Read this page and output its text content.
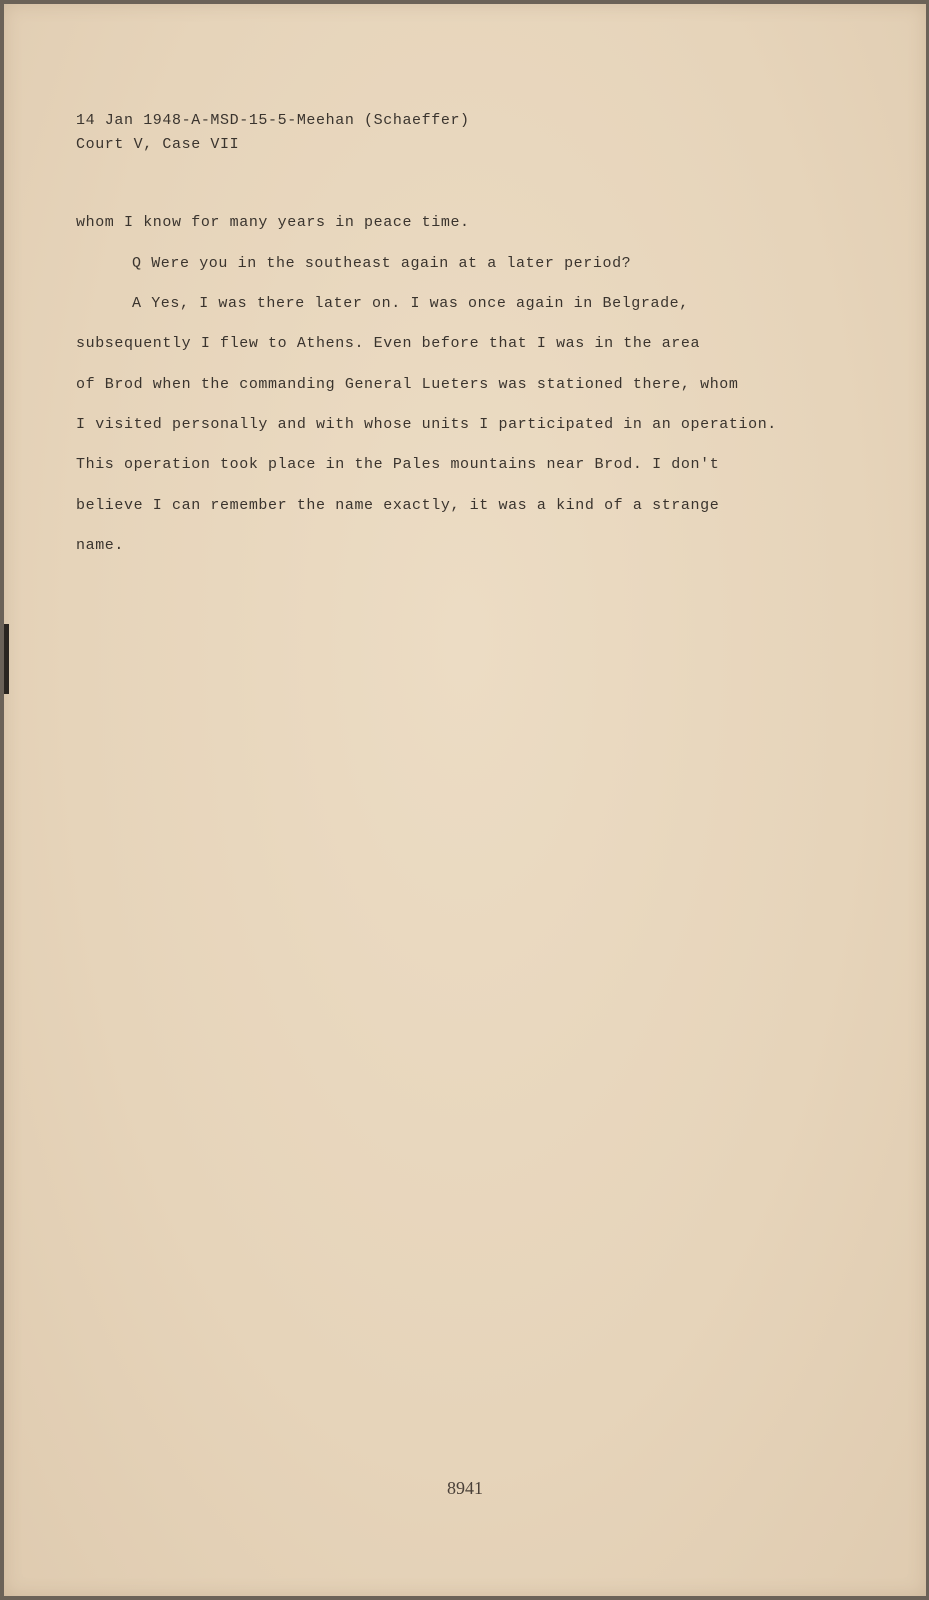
14 Jan 1948-A-MSD-15-5-Meehan (Schaeffer)

Court V, Case VII

whom I know for many years in peace time.

Q Were you in the southeast again at a later period?

A Yes, I was there later on. I was once again in Belgrade,

subsequently I flew to Athens. Even before that I was in the area

of Brod when the commanding General Lueters was stationed there, whom

I visited personally and with whose units I participated in an operation.

This operation took place in the Pales mountains near Brod. I don't

believe I can remember the name exactly, it was a kind of a strange

name.

8941
